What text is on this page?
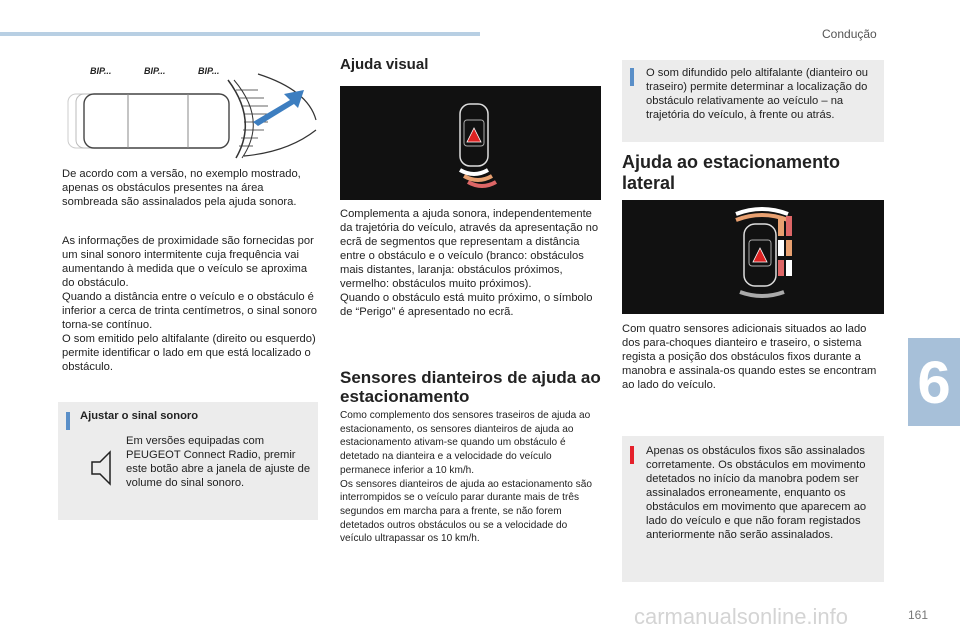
Condução
6
161
carmanualsonline.info
BIP...	BIP...	BIP...

De acordo com a versão, no exemplo mostrado, apenas os obstáculos presentes na área sombreada são assinalados pela ajuda sonora.

As informações de proximidade são fornecidas por um sinal sonoro intermitente cuja frequência vai aumentando à medida que o veículo se aproxima do obstáculo.

Quando a distância entre o veículo e o obstáculo é inferior a cerca de trinta centímetros, o sinal sonoro torna-se contínuo.

O som emitido pelo altifalante (direito ou esquerdo) permite identificar o lado em que está localizado o obstáculo.

Ajustar o sinal sonoro

Em versões equipadas com PEUGEOT Connect Radio, premir este botão abre a janela de ajuste de volume do sinal sonoro.

Ajuda visual

Complementa a ajuda sonora, independentemente da trajetória do veículo, através da apresentação no ecrã de segmentos que representam a distância entre o obstáculo e o veículo (branco: obstáculos mais distantes, laranja: obstáculos próximos, vermelho: obstáculos muito próximos).

Quando o obstáculo está muito próximo, o símbolo de “Perigo” é apresentado no ecrã.

Sensores dianteiros de ajuda ao estacionamento

Como complemento dos sensores traseiros de ajuda ao estacionamento, os sensores dianteiros de ajuda ao estacionamento ativam-se quando um obstáculo é detetado na dianteira e a velocidade do veículo permanece inferior a 10 km/h.

Os sensores dianteiros de ajuda ao estacionamento são interrompidos se o veículo parar durante mais de três segundos em marcha para a frente, se não forem detetados outros obstáculos ou se a velocidade do veículo ultrapassar os 10 km/h.

O som difundido pelo altifalante (dianteiro ou traseiro) permite determinar a localização do obstáculo relativamente ao veículo – na trajetória do veículo, à frente ou atrás.

Ajuda ao estacionamento lateral

Com quatro sensores adicionais situados ao lado dos para-choques dianteiro e traseiro, o sistema regista a posição dos obstáculos fixos durante a manobra e assinala-os quando estes se encontram ao lado do veículo.

Apenas os obstáculos fixos são assinalados corretamente. Os obstáculos em movimento detetados no início da manobra podem ser assinalados erroneamente, enquanto os obstáculos em movimento que aparecem ao lado do veículo e que não foram registados anteriormente não serão assinalados.
